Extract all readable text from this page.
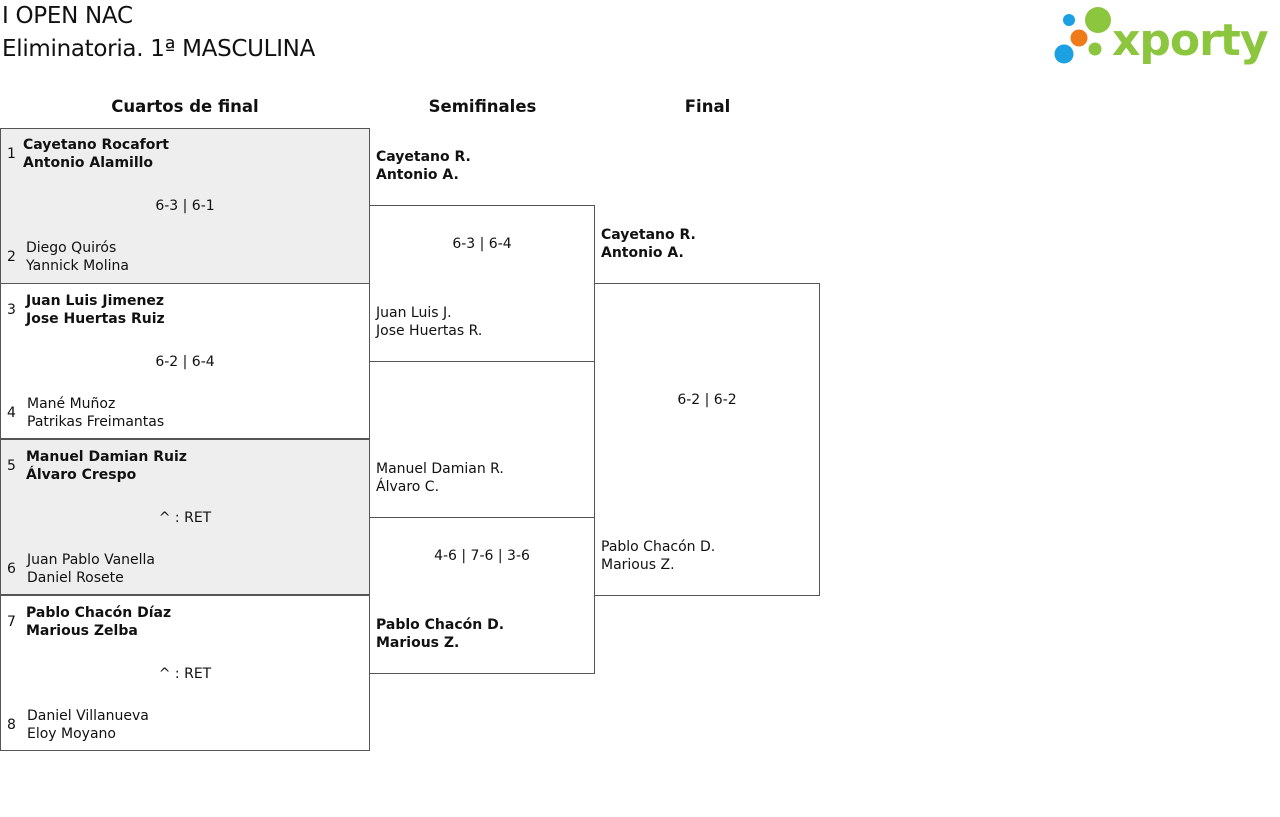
I OPEN NAC
Eliminatoria. 1ª MASCULINA	xporty
Cuartos de final	Semifinales	Final
1
Cayetano Rocafort
Antonio Alamillo
6-3 | 6-1
2
Diego Quirós
Yannick Molina
3
Juan Luis Jimenez
Jose Huertas Ruiz
6-2 | 6-4
4
Mané Muñoz
Patrikas Freimantas
5
Manuel Damian Ruiz
Álvaro Crespo
^ : RET
6
Juan Pablo Vanella
Daniel Rosete
7
Pablo Chacón Díaz
Marious Zelba
^ : RET
8
Daniel Villanueva
Eloy Moyano
Cayetano R.
Antonio A.
6-3 | 6-4
Juan Luis J.
Jose Huertas R.
Manuel Damian R.
Álvaro C.
4-6 | 7-6 | 3-6
Pablo Chacón D.
Marious Z.
Cayetano R.
Antonio A.
6-2 | 6-2
Pablo Chacón D.
Marious Z.
